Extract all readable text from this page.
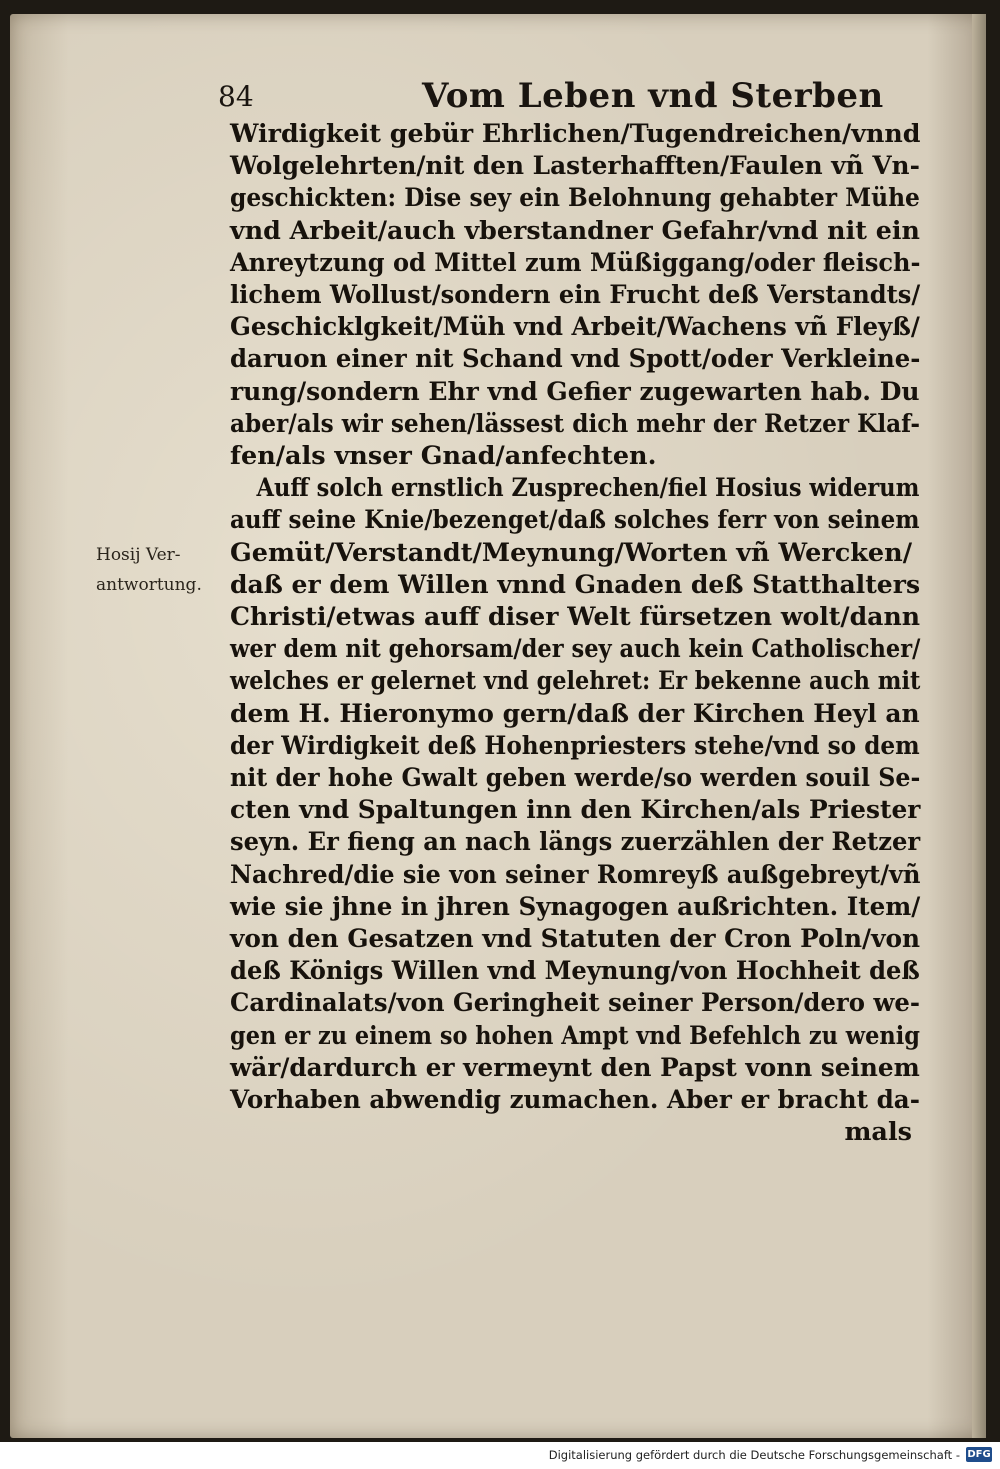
84	Vom Leben vnd Sterben
Hosij Ver-
antwortung.
Wirdigkeit gebür Ehrlichen/Tugendreichen/vnnd
Wolgelehrten/nit den Lasterhafften/Faulen vñ Vn-
geschickten: Dise sey ein Belohnung gehabter Mühe
vnd Arbeit/auch vberstandner Gefahr/vnd nit ein
Anreytzung od Mittel zum Müßiggang/oder fleisch-
lichem Wollust/sondern ein Frucht deß Verstandts/
Geschicklgkeit/Müh vnd Arbeit/Wachens vñ Fleyß/
daruon einer nit Schand vnd Spott/oder Verkleine-
rung/sondern Ehr vnd Gefier zugewarten hab. Du
aber/als wir sehen/lässest dich mehr der Retzer Klaf-
fen/als vnser Gnad/anfechten.
Auff solch ernstlich Zusprechen/fiel Hosius widerum
auff seine Knie/bezenget/daß solches ferr von seinem
Gemüt/Verstandt/Meynung/Worten vñ Wercken/
daß er dem Willen vnnd Gnaden deß Statthalters
Christi/etwas auff diser Welt fürsetzen wolt/dann
wer dem nit gehorsam/der sey auch kein Catholischer/
welches er gelernet vnd gelehret: Er bekenne auch mit
dem H. Hieronymo gern/daß der Kirchen Heyl an
der Wirdigkeit deß Hohenpriesters stehe/vnd so dem
nit der hohe Gwalt geben werde/so werden souil Se-
cten vnd Spaltungen inn den Kirchen/als Priester
seyn. Er fieng an nach längs zuerzählen der Retzer
Nachred/die sie von seiner Romreyß außgebreyt/vñ
wie sie jhne in jhren Synagogen außrichten. Item/
von den Gesatzen vnd Statuten der Cron Poln/von
deß Königs Willen vnd Meynung/von Hochheit deß
Cardinalats/von Geringheit seiner Person/dero we-
gen er zu einem so hohen Ampt vnd Befehlch zu wenig
wär/dardurch er vermeynt den Papst vonn seinem
Vorhaben abwendig zumachen. Aber er bracht da-
mals
Digitalisierung gefördert durch die Deutsche Forschungsgemeinschaft - DFG
